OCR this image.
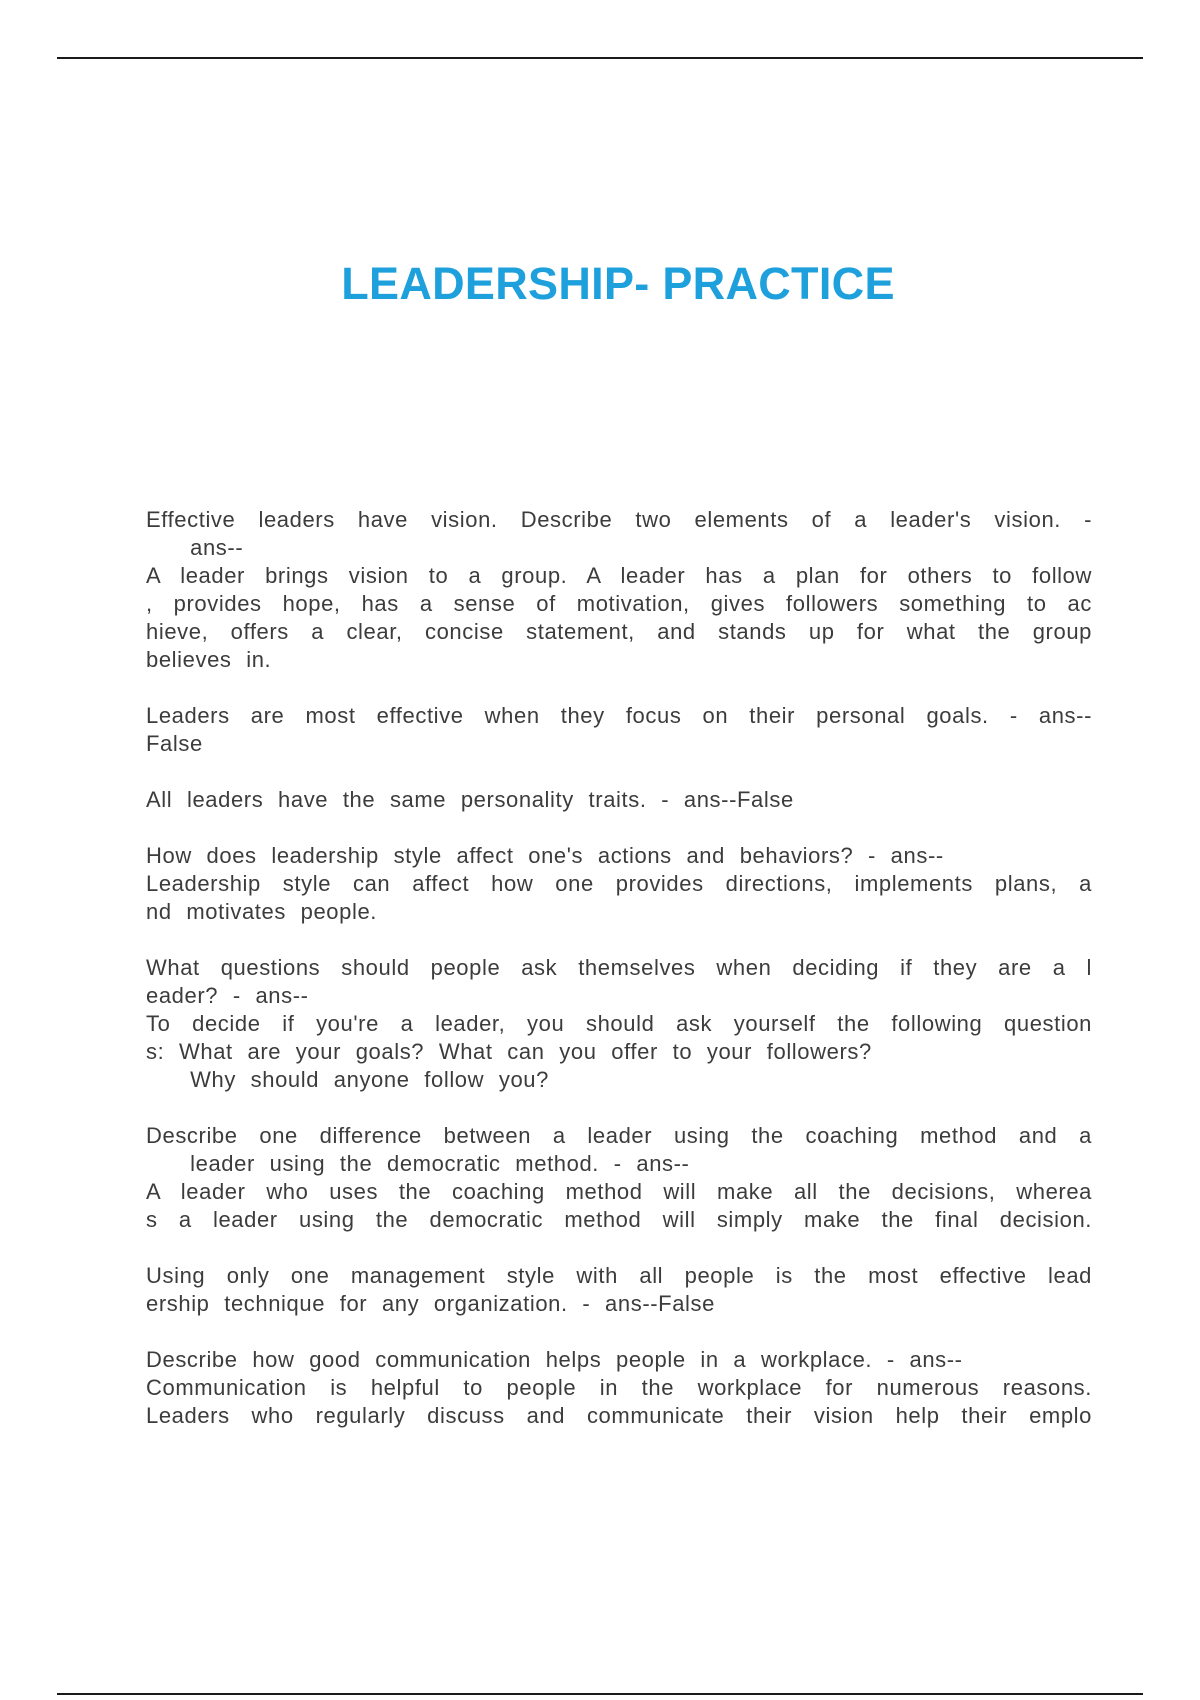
LEADERSHIP- PRACTICE
Effective leaders have vision. Describe two elements of a leader's vision. -
ans--
A leader brings vision to a group. A leader has a plan for others to follow
, provides hope, has a sense of motivation, gives followers something to ac
hieve, offers a clear, concise statement, and stands up for what the group
believes in.
Leaders are most effective when they focus on their personal goals. - ans--
False
All leaders have the same personality traits. - ans--False
How does leadership style affect one's actions and behaviors? - ans--
Leadership style can affect how one provides directions, implements plans, a
nd motivates people.
What questions should people ask themselves when deciding if they are a l
eader? - ans--
To decide if you're a leader, you should ask yourself the following question
s: What are your goals? What can you offer to your followers?
Why should anyone follow you?
Describe one difference between a leader using the coaching method and a
leader using the democratic method. - ans--
A leader who uses the coaching method will make all the decisions, wherea
s a leader using the democratic method will simply make the final decision.
Using only one management style with all people is the most effective lead
ership technique for any organization. - ans--False
Describe how good communication helps people in a workplace. - ans--
Communication is helpful to people in the workplace for numerous reasons.
Leaders who regularly discuss and communicate their vision help their emplo
